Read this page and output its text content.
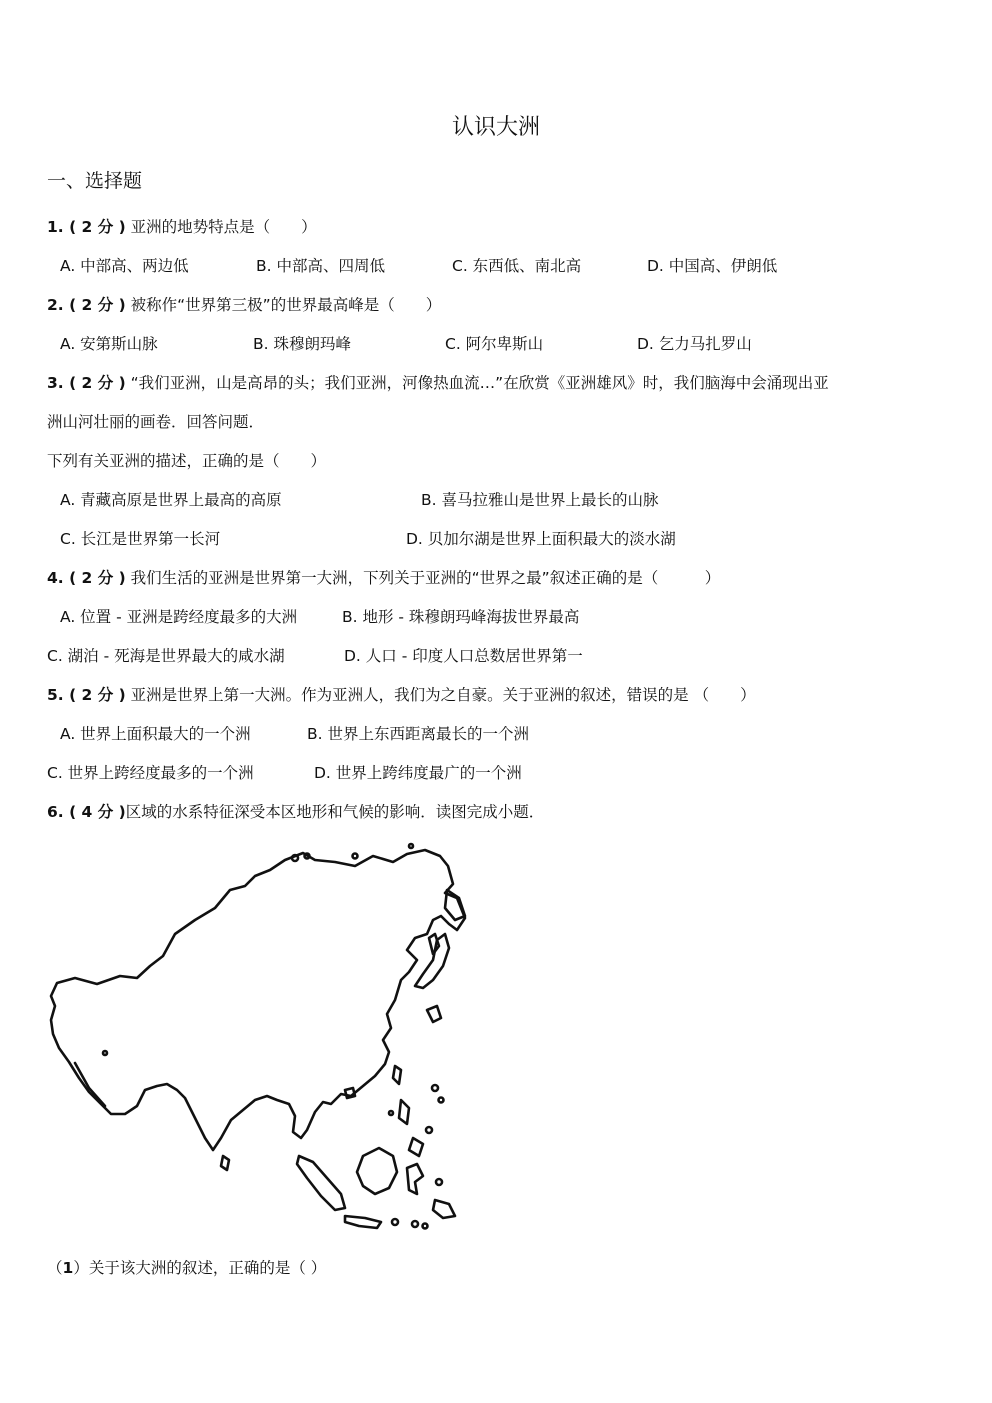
认识大洲
一、选择题
1. ( 2 分 ) 亚洲的地势特点是（　　）
A. 中部高、两边低	B. 中部高、四周低	C. 东西低、南北高	D. 中国高、伊朗低
2. ( 2 分 ) 被称作“世界第三极”的世界最高峰是（　　）
A. 安第斯山脉	B. 珠穆朗玛峰	C. 阿尔卑斯山	D. 乞力马扎罗山
3. ( 2 分 ) “我们亚洲，山是高昂的头；我们亚洲，河像热血流…”在欣赏《亚洲雄风》时，我们脑海中会涌现出亚
洲山河壮丽的画卷．回答问题．
下列有关亚洲的描述，正确的是（　　）
A. 青藏高原是世界上最高的高原	B. 喜马拉雅山是世界上最长的山脉
C. 长江是世界第一长河	D. 贝加尔湖是世界上面积最大的淡水湖
4. ( 2 分 ) 我们生活的亚洲是世界第一大洲，下列关于亚洲的“世界之最”叙述正确的是（　　　）
A. 位置 - 亚洲是跨经度最多的大洲	B. 地形 - 珠穆朗玛峰海拔世界最高
C. 湖泊 - 死海是世界最大的咸水湖	D. 人口 - 印度人口总数居世界第一
5. ( 2 分 ) 亚洲是世界上第一大洲。作为亚洲人，我们为之自豪。关于亚洲的叙述，错误的是 （　　）
A. 世界上面积最大的一个洲	B. 世界上东西距离最长的一个洲
C. 世界上跨经度最多的一个洲	D. 世界上跨纬度最广的一个洲
6. ( 4 分 )区域的水系特征深受本区地形和气候的影响．读图完成小题．
（1）关于该大洲的叙述，正确的是（ ）
